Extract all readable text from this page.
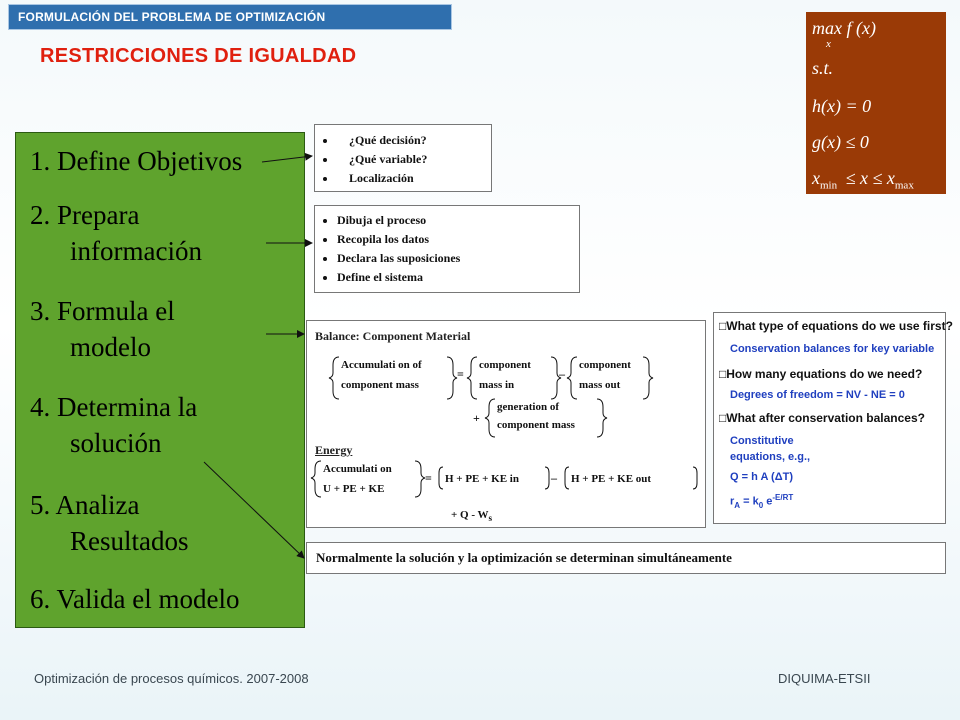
FORMULACIÓN DEL PROBLEMA DE OPTIMIZACIÓN
RESTRICCIONES DE IGUALDAD
1. Define Objetivos
2. Prepara
información
3. Formula el
modelo
4. Determina la
solución
5. Analiza
Resultados
6. Valida el modelo
• ¿Qué decisión?
• ¿Qué variable?
• Localización
• Dibuja el proceso
• Recopila los datos
• Declara las suposiciones
• Define el sistema
max f (x)
x
s.t.
h(x) = 0
g(x) ≤ 0
$x_{min} \le x \le x_{max}$
Balance: Component Material
=	–
+
=	–
Accumulati on of
component mass
component
mass in
component
mass out
generation of
component mass
Energy
Accumulati on
U + PE + KE
H + PE + KE in	H + PE + KE out
+ Q - $W_s$
□What type of equations do we use first?
Conservation balances for key variable
□How many equations do we need?
Degrees of freedom = NV - NE = 0
□What after conservation balances?
Constitutive
equations, e.g.,
Q = h A (ΔT)
$r_A = k_0$ $e^{-E/RT}$
Normalmente la solución y la optimización se determinan simultáneamente
Optimización de procesos químicos. 2007-2008	DIQUIMA-ETSII
